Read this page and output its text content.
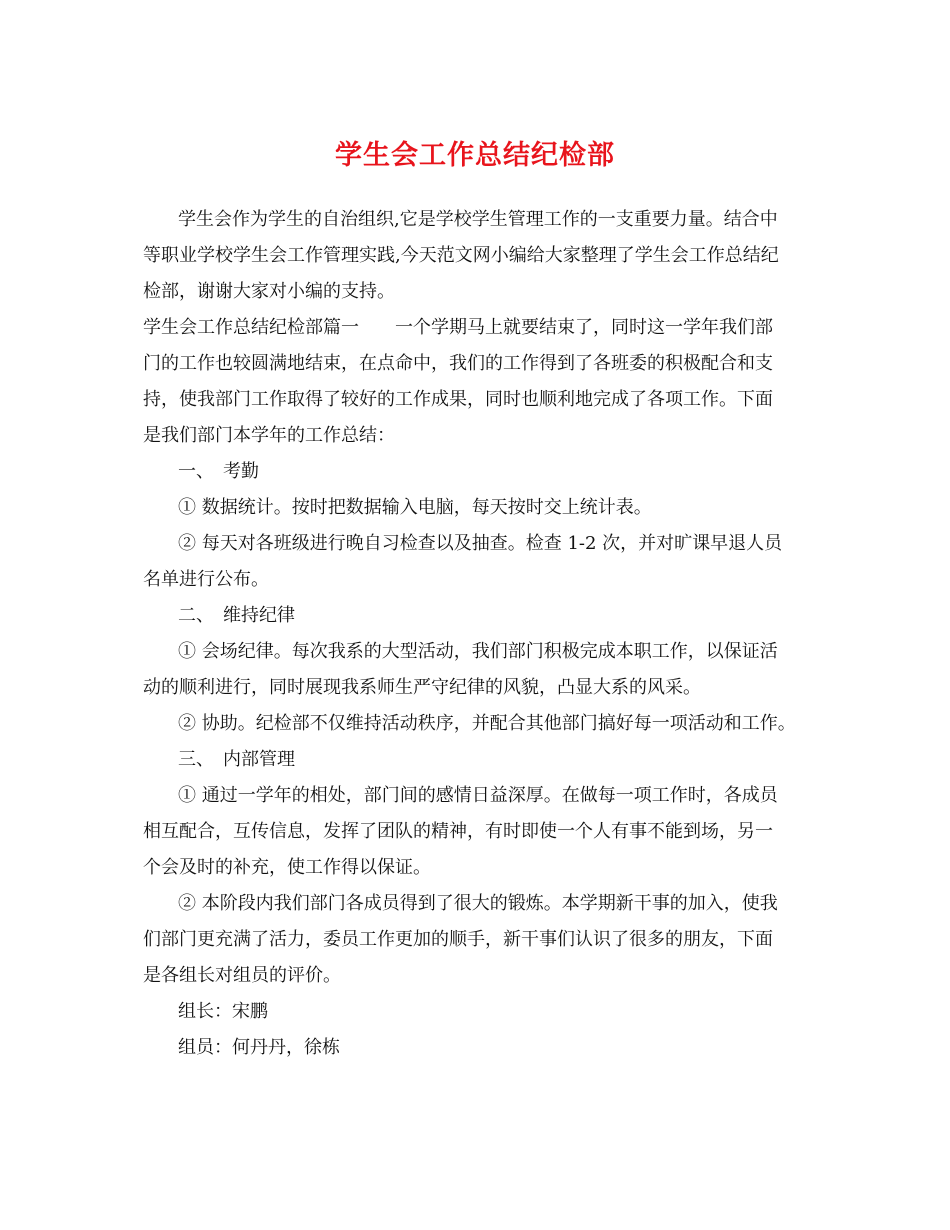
学生会工作总结纪检部
学生会作为学生的自治组织,它是学校学生管理工作的一支重要力量。结合中
等职业学校学生会工作管理实践,今天范文网小编给大家整理了学生会工作总结纪
检部，谢谢大家对小编的支持。
学生会工作总结纪检部篇一　　一个学期马上就要结束了，同时这一学年我们部
门的工作也较圆满地结束，在点命中，我们的工作得到了各班委的积极配合和支
持，使我部门工作取得了较好的工作成果，同时也顺利地完成了各项工作。下面
是我们部门本学年的工作总结：
一、　考勤
① 数据统计。按时把数据输入电脑，每天按时交上统计表。
② 每天对各班级进行晚自习检查以及抽查。检查 1-2 次，并对旷课早退人员
名单进行公布。
二、　维持纪律
① 会场纪律。每次我系的大型活动，我们部门积极完成本职工作，以保证活
动的顺利进行，同时展现我系师生严守纪律的风貌，凸显大系的风采。
② 协助。纪检部不仅维持活动秩序，并配合其他部门搞好每一项活动和工作。
三、　内部管理
① 通过一学年的相处，部门间的感情日益深厚。在做每一项工作时，各成员
相互配合，互传信息，发挥了团队的精神，有时即使一个人有事不能到场，另一
个会及时的补充，使工作得以保证。
② 本阶段内我们部门各成员得到了很大的锻炼。本学期新干事的加入，使我
们部门更充满了活力，委员工作更加的顺手，新干事们认识了很多的朋友，下面
是各组长对组员的评价。
组长：宋鹏
组员：何丹丹，徐栋
